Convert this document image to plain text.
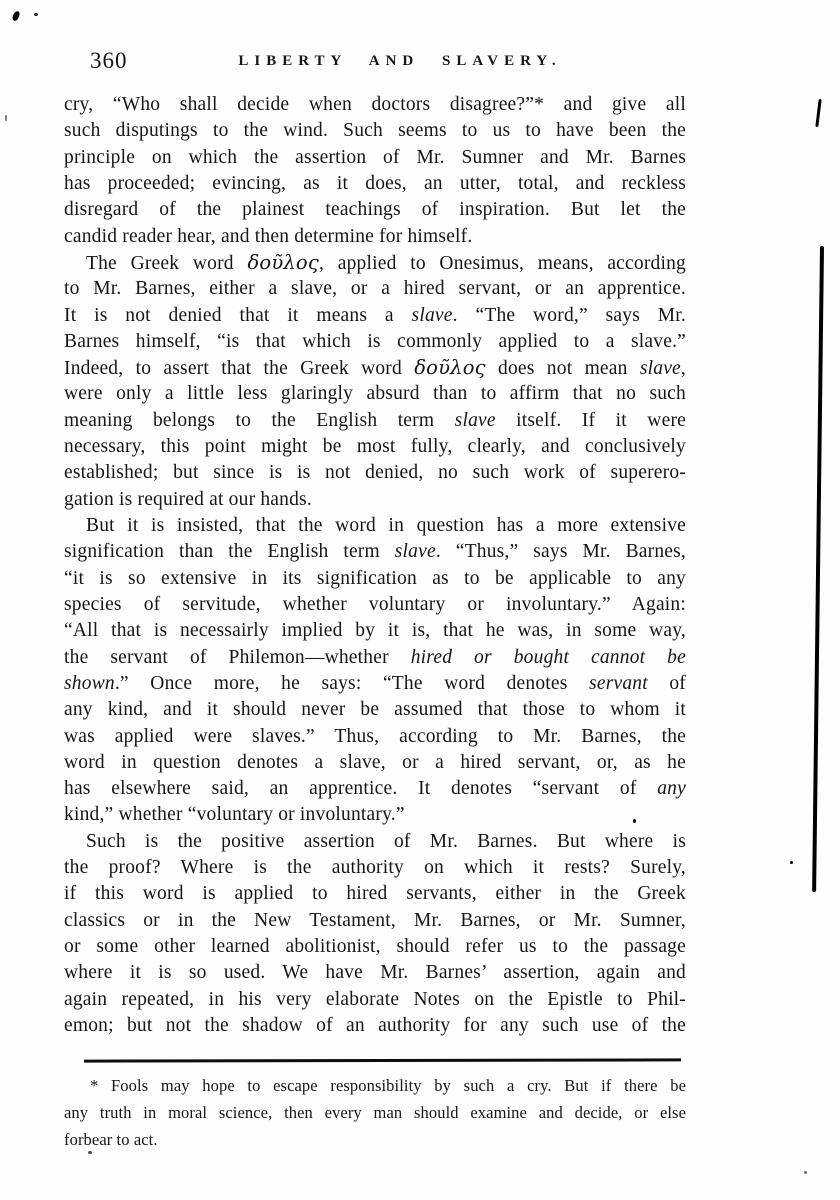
360	LIBERTY AND SLAVERY.
cry, “Who shall decide when doctors disagree?”* and give all
such disputings to the wind. Such seems to us to have been the
principle on which the assertion of Mr. Sumner and Mr. Barnes
has proceeded; evincing, as it does, an utter, total, and reckless
disregard of the plainest teachings of inspiration. But let the
candid reader hear, and then determine for himself.
The Greek word δοῦλος, applied to Onesimus, means, according
to Mr. Barnes, either a slave, or a hired servant, or an apprentice.
It is not denied that it means a slave. “The word,” says Mr.
Barnes himself, “is that which is commonly applied to a slave.”
Indeed, to assert that the Greek word δοῦλος does not mean slave,
were only a little less glaringly absurd than to affirm that no such
meaning belongs to the English term slave itself. If it were
necessary, this point might be most fully, clearly, and conclusively
established; but since is is not denied, no such work of superero-
gation is required at our hands.
But it is insisted, that the word in question has a more extensive
signification than the English term slave. “Thus,” says Mr. Barnes,
“it is so extensive in its signification as to be applicable to any
species of servitude, whether voluntary or involuntary.” Again:
“All that is necessairly implied by it is, that he was, in some way,
the servant of Philemon—whether hired or bought cannot be
shown.” Once more, he says: “The word denotes servant of
any kind, and it should never be assumed that those to whom it
was applied were slaves.” Thus, according to Mr. Barnes, the
word in question denotes a slave, or a hired servant, or, as he
has elsewhere said, an apprentice. It denotes “servant of any
kind,” whether “voluntary or involuntary.”
Such is the positive assertion of Mr. Barnes. But where is
the proof? Where is the authority on which it rests? Surely,
if this word is applied to hired servants, either in the Greek
classics or in the New Testament, Mr. Barnes, or Mr. Sumner,
or some other learned abolitionist, should refer us to the passage
where it is so used. We have Mr. Barnes’ assertion, again and
again repeated, in his very elaborate Notes on the Epistle to Phil-
emon; but not the shadow of an authority for any such use of the
* Fools may hope to escape responsibility by such a cry. But if there be
any truth in moral science, then every man should examine and decide, or else
forbear to act.
